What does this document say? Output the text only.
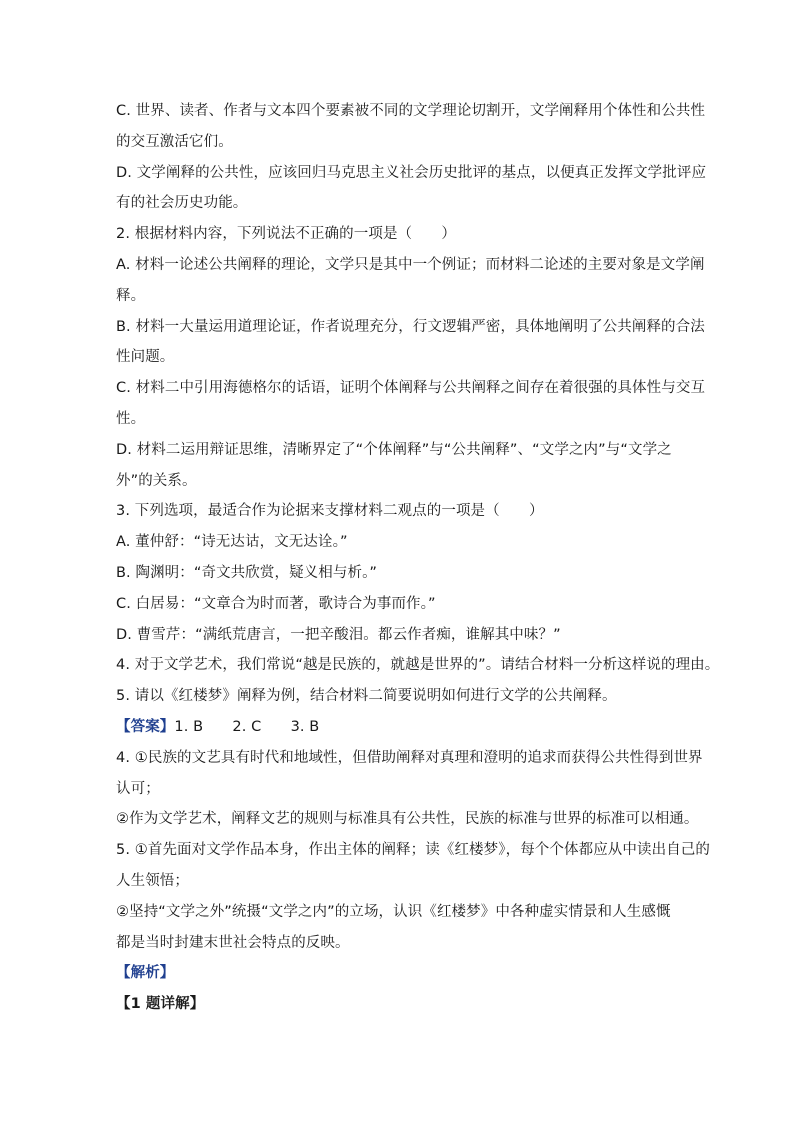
C. 世界、读者、作者与文本四个要素被不同的文学理论切割开，文学阐释用个体性和公共性
的交互激活它们。
D. 文学阐释的公共性，应该回归马克思主义社会历史批评的基点，以便真正发挥文学批评应
有的社会历史功能。
2. 根据材料内容，下列说法不正确的一项是（　　）
A. 材料一论述公共阐释的理论，文学只是其中一个例证；而材料二论述的主要对象是文学阐
释。
B. 材料一大量运用道理论证，作者说理充分，行文逻辑严密，具体地阐明了公共阐释的合法
性问题。
C. 材料二中引用海德格尔的话语，证明个体阐释与公共阐释之间存在着很强的具体性与交互
性。
D. 材料二运用辩证思维，清晰界定了“个体阐释”与“公共阐释”、“文学之内”与“文学之
外”的关系。
3. 下列选项，最适合作为论据来支撑材料二观点的一项是（　　）
A. 董仲舒：“诗无达诂，文无达诠。”
B. 陶渊明：“奇文共欣赏，疑义相与析。”
C. 白居易：“文章合为时而著，歌诗合为事而作。”
D. 曹雪芹：“满纸荒唐言，一把辛酸泪。都云作者痴，谁解其中味？”
4. 对于文学艺术，我们常说“越是民族的，就越是世界的”。请结合材料一分析这样说的理由。
5. 请以《红楼梦》阐释为例，结合材料二简要说明如何进行文学的公共阐释。
【答案】1. B　　2. C　　3. B
4. ①民族的文艺具有时代和地域性，但借助阐释对真理和澄明的追求而获得公共性得到世界
认可；
②作为文学艺术，阐释文艺的规则与标准具有公共性，民族的标准与世界的标准可以相通。
5. ①首先面对文学作品本身，作出主体的阐释；读《红楼梦》，每个个体都应从中读出自己的
人生领悟；
②坚持“文学之外”统摄“文学之内”的立场，认识《红楼梦》中各种虚实情景和人生感慨
都是当时封建末世社会特点的反映。
【解析】
【1 题详解】
